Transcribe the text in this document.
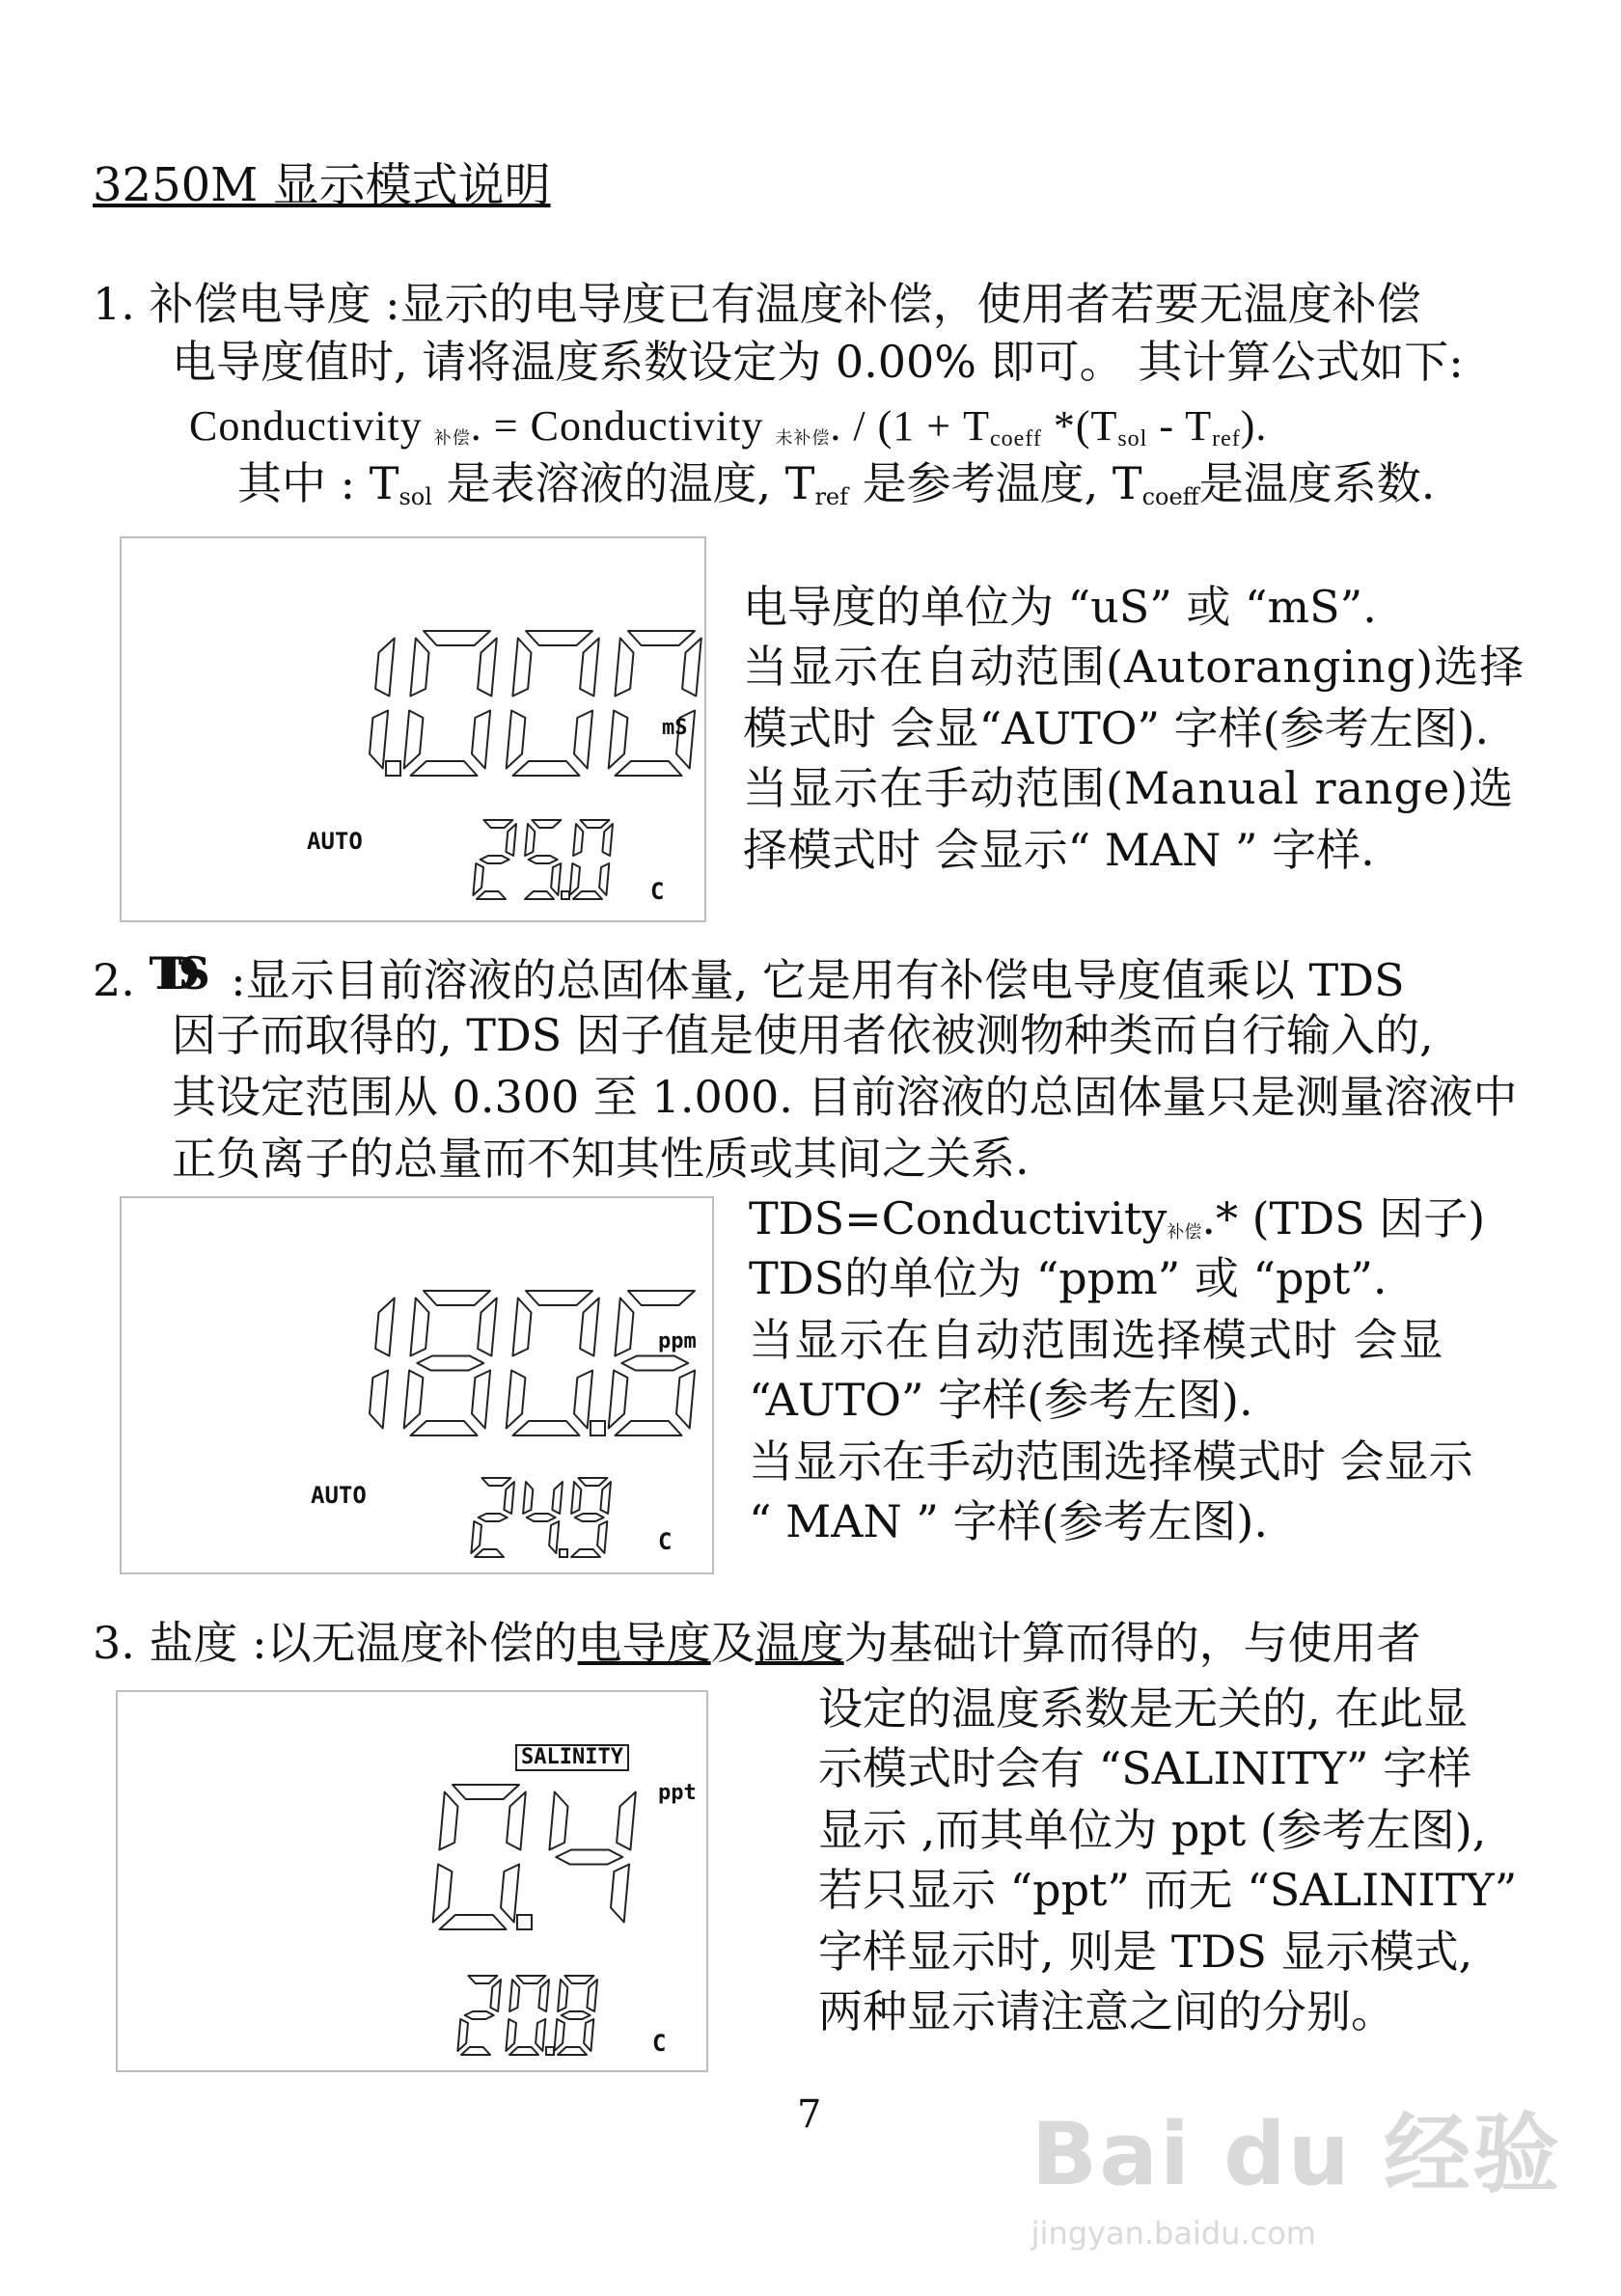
3250M 显示模式说明
1. 补偿电导度 :显示的电导度已有温度补偿，使用者若要无温度补偿
电导度值时, 请将温度系数设定为 0.00% 即可。 其计算公式如下:
Conductivity 补偿. = Conductivity 未补偿. / ($1 + T_{coeff}$ $*(T_{sol} - T_{ref})$.
其中 : $T_{sol}$ 是表溶液的温度, $T_{ref}$ 是参考温度, $T_{coeff}$是温度系数.
mS
AUTO
C
电导度的单位为 “uS” 或 “mS”.
当显示在自动范围(Autoranging)选择
模式时 会显“AUTO” 字样(参考左图).
当显示在手动范围(Manual range)选
择模式时 会显示“ MAN ” 字样.
2. TDS :显示目前溶液的总固体量, 它是用有补偿电导度值乘以 TDS
因子而取得的, TDS 因子值是使用者依被测物种类而自行输入的,
其设定范围从 0.300 至 1.000. 目前溶液的总固体量只是测量溶液中
正负离子的总量而不知其性质或其间之关系.
ppm
AUTO
C
TDS=Conductivity补偿.* (TDS 因子)
TDS的单位为 “ppm” 或 “ppt”.
当显示在自动范围选择模式时 会显
“AUTO” 字样(参考左图).
当显示在手动范围选择模式时 会显示
“ MAN ” 字样(参考左图).
3. 盐度 :以无温度补偿的电导度及温度为基础计算而得的，与使用者
SALINITY
ppt
C
设定的温度系数是无关的, 在此显
示模式时会有 “SALINITY” 字样
显示 ,而其单位为 ppt (参考左图),
若只显示 “ppt” 而无 “SALINITY”
字样显示时, 则是 TDS 显示模式,
两种显示请注意之间的分别。
7 Bai du 经验
jingyan.baidu.com
